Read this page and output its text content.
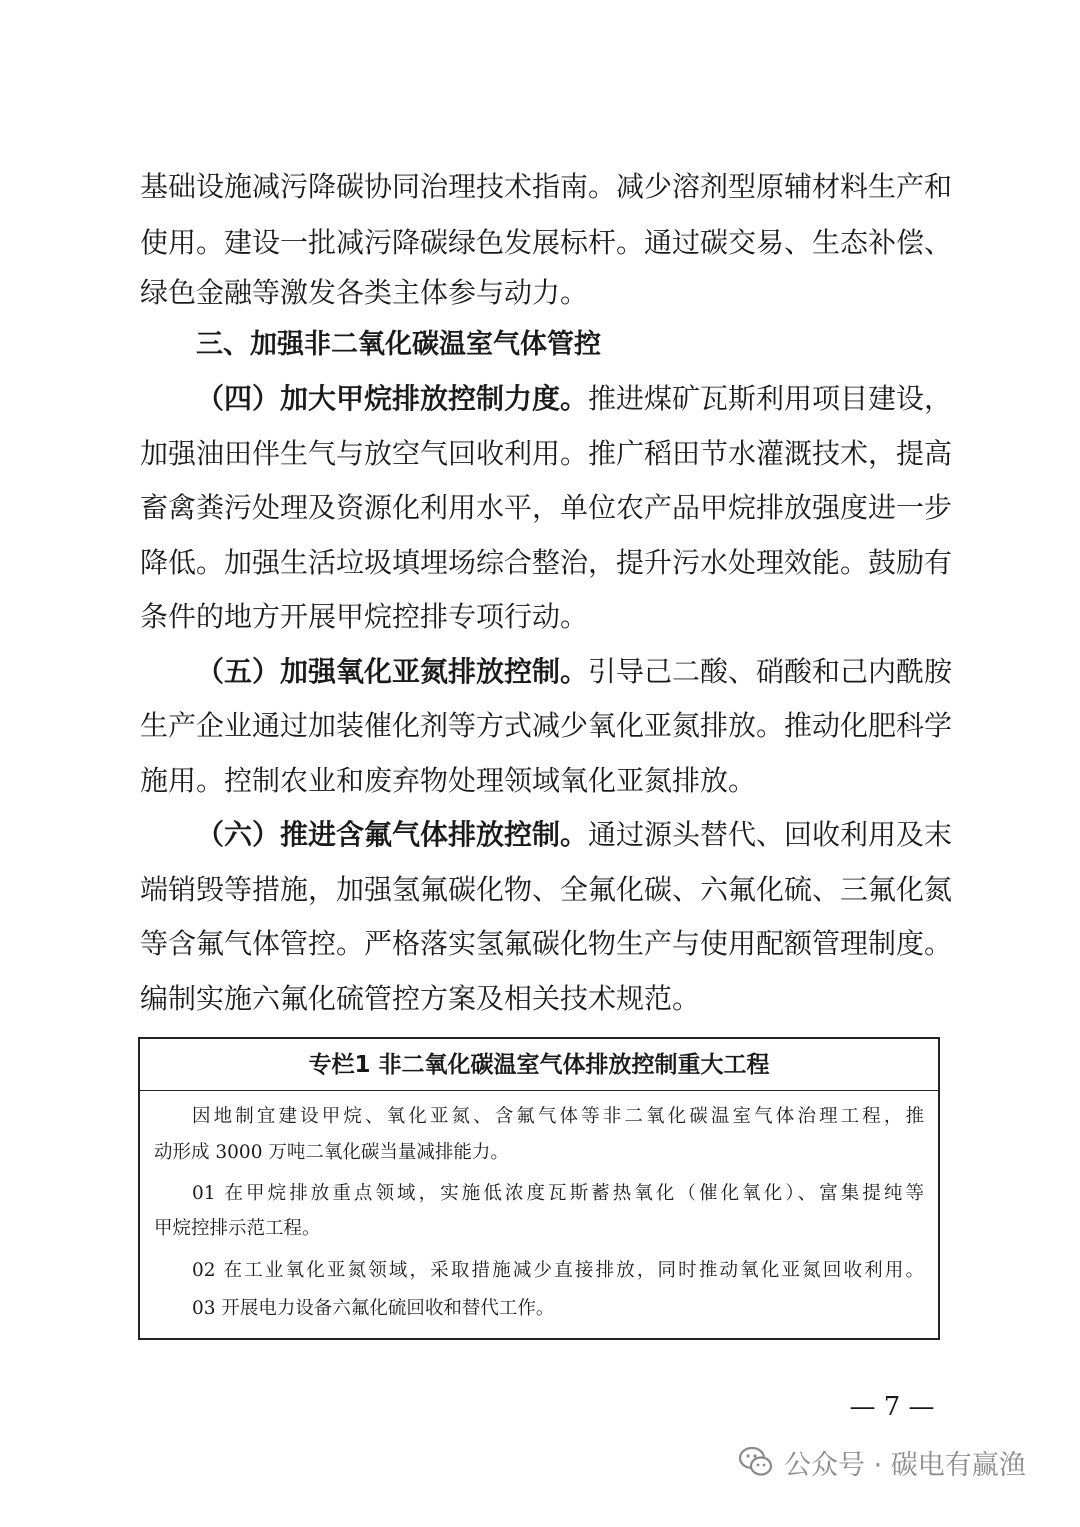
基础设施减污降碳协同治理技术指南。减少溶剂型原辅材料生产和
使用。建设一批减污降碳绿色发展标杆。通过碳交易、生态补偿、
绿色金融等激发各类主体参与动力。
三、加强非二氧化碳温室气体管控
（四）加大甲烷排放控制力度。推进煤矿瓦斯利用项目建设，
加强油田伴生气与放空气回收利用。推广稻田节水灌溉技术，提高
畜禽粪污处理及资源化利用水平，单位农产品甲烷排放强度进一步
降低。加强生活垃圾填埋场综合整治，提升污水处理效能。鼓励有
条件的地方开展甲烷控排专项行动。
（五）加强氧化亚氮排放控制。引导己二酸、硝酸和己内酰胺
生产企业通过加装催化剂等方式减少氧化亚氮排放。推动化肥科学
施用。控制农业和废弃物处理领域氧化亚氮排放。
（六）推进含氟气体排放控制。通过源头替代、回收利用及末
端销毁等措施，加强氢氟碳化物、全氟化碳、六氟化硫、三氟化氮
等含氟气体管控。严格落实氢氟碳化物生产与使用配额管理制度。
编制实施六氟化硫管控方案及相关技术规范。
专栏1 非二氧化碳温室气体排放控制重大工程
因地制宜建设甲烷、氧化亚氮、含氟气体等非二氧化碳温室气体治理工程，推
动形成 3000 万吨二氧化碳当量减排能力。
01 在甲烷排放重点领域，实施低浓度瓦斯蓄热氧化（催化氧化）、富集提纯等
甲烷控排示范工程。
02 在工业氧化亚氮领域，采取措施减少直接排放，同时推动氧化亚氮回收利用。
03 开展电力设备六氟化硫回收和替代工作。
— 7 —
公众号 · 碳电有赢渔
